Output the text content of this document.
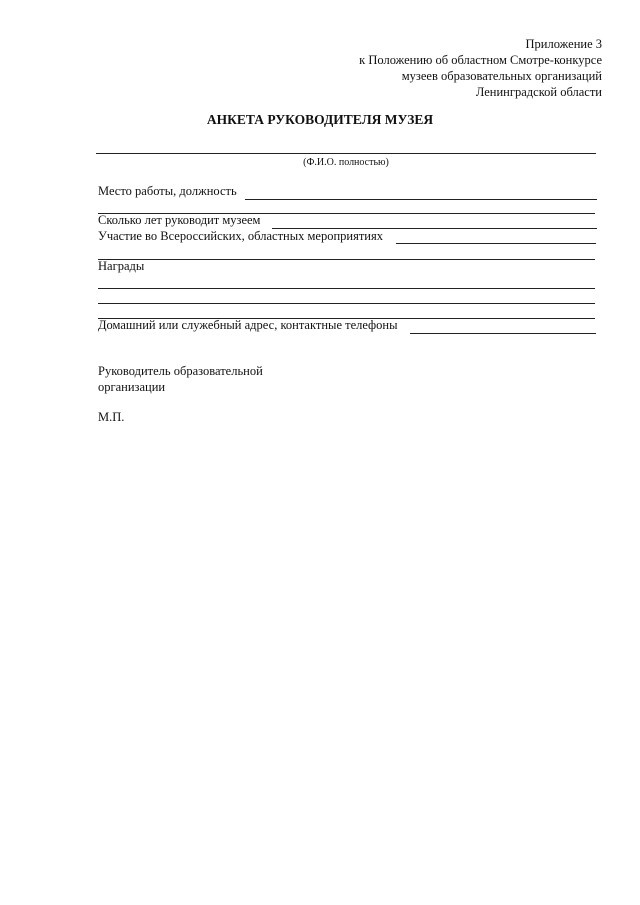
Приложение 3
к Положению об областном Смотре-конкурсе
музеев образовательных организаций
Ленинградской области
АНКЕТА РУКОВОДИТЕЛЯ МУЗЕЯ
(Ф.И.О. полностью)
Место работы, должность
Сколько лет руководит музеем
Участие во Всероссийских, областных мероприятиях
Награды
Домашний или служебный адрес, контактные телефоны
Руководитель образовательной
организации
М.П.
